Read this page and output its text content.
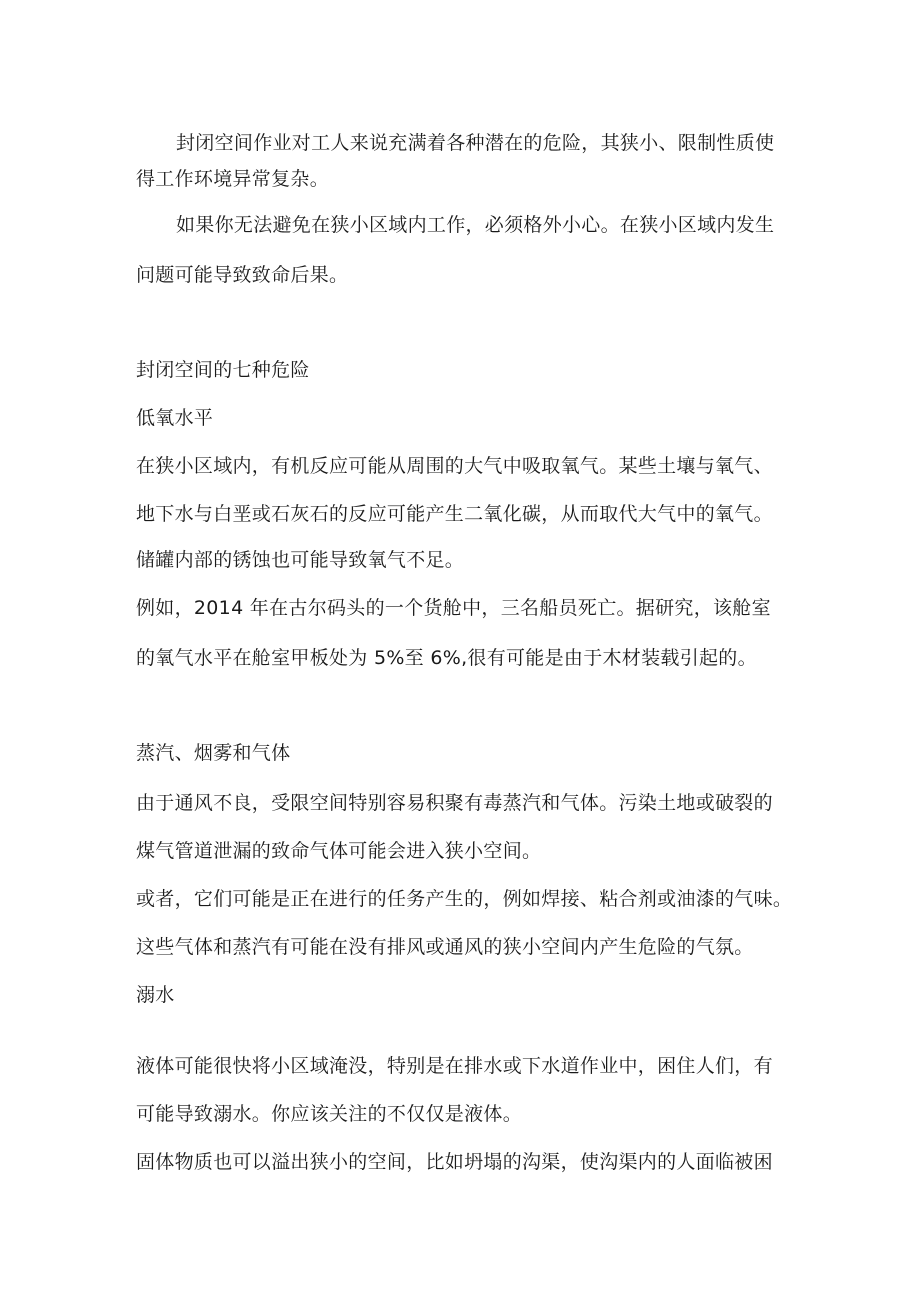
封闭空间作业对工人来说充满着各种潜在的危险，其狭小、限制性质使
得工作环境异常复杂。
如果你无法避免在狭小区域内工作，必须格外小心。在狭小区域内发生
问题可能导致致命后果。
封闭空间的七种危险
低氧水平
在狭小区域内，有机反应可能从周围的大气中吸取氧气。某些土壤与氧气、
地下水与白垩或石灰石的反应可能产生二氧化碳，从而取代大气中的氧气。
储罐内部的锈蚀也可能导致氧气不足。
例如，2014 年在古尔码头的一个货舱中，三名船员死亡。据研究，该舱室
的氧气水平在舱室甲板处为 5%至 6%,很有可能是由于木材装载引起的。
蒸汽、烟雾和气体
由于通风不良，受限空间特别容易积聚有毒蒸汽和气体。污染土地或破裂的
煤气管道泄漏的致命气体可能会进入狭小空间。
或者，它们可能是正在进行的任务产生的，例如焊接、粘合剂或油漆的气味。
这些气体和蒸汽有可能在没有排风或通风的狭小空间内产生危险的气氛。
溺水
液体可能很快将小区域淹没，特别是在排水或下水道作业中，困住人们，有
可能导致溺水。你应该关注的不仅仅是液体。
固体物质也可以溢出狭小的空间，比如坍塌的沟渠，使沟渠内的人面临被困
